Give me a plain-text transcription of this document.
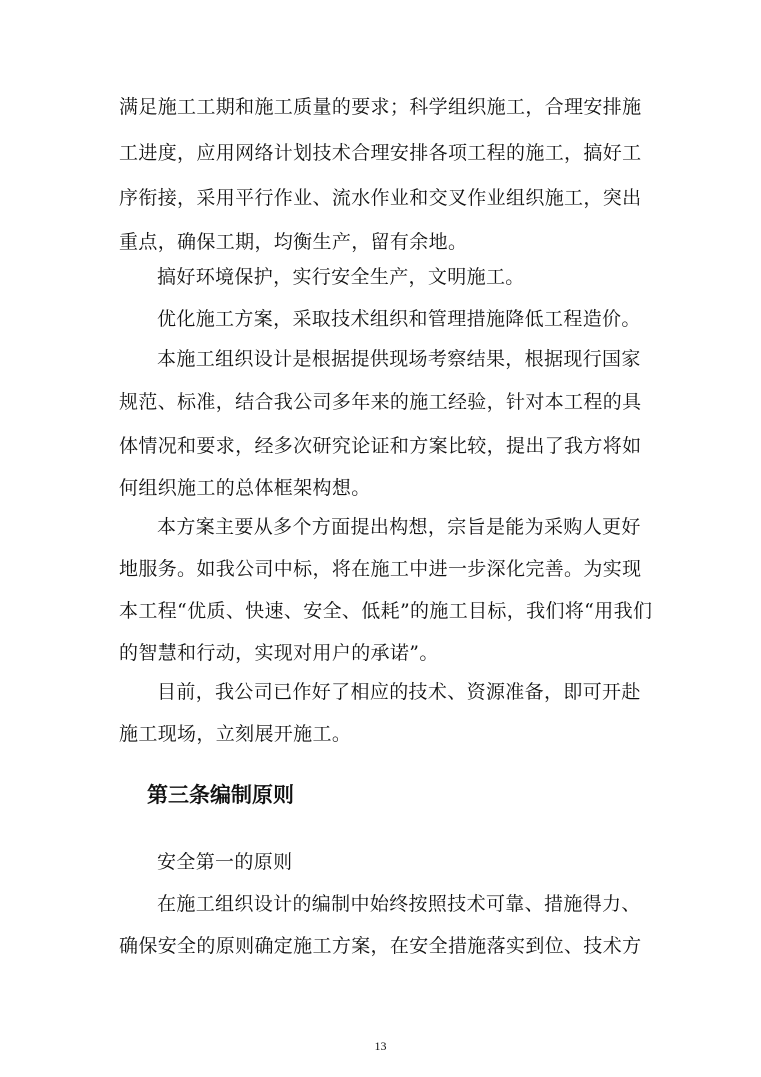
满足施工工期和施工质量的要求；科学组织施工，合理安排施
工进度，应用网络计划技术合理安排各项工程的施工，搞好工
序衔接，采用平行作业、流水作业和交叉作业组织施工，突出
重点，确保工期，均衡生产，留有余地。
搞好环境保护，实行安全生产，文明施工。
优化施工方案，采取技术组织和管理措施降低工程造价。
本施工组织设计是根据提供现场考察结果，根据现行国家
规范、标准，结合我公司多年来的施工经验，针对本工程的具
体情况和要求，经多次研究论证和方案比较，提出了我方将如
何组织施工的总体框架构想。
本方案主要从多个方面提出构想，宗旨是能为采购人更好
地服务。如我公司中标，将在施工中进一步深化完善。为实现
本工程“优质、快速、安全、低耗”的施工目标，我们将“用我们
的智慧和行动，实现对用户的承诺”。
目前，我公司已作好了相应的技术、资源准备，即可开赴
施工现场，立刻展开施工。
第三条编制原则
安全第一的原则
在施工组织设计的编制中始终按照技术可靠、措施得力、
确保安全的原则确定施工方案，在安全措施落实到位、技术方
13
